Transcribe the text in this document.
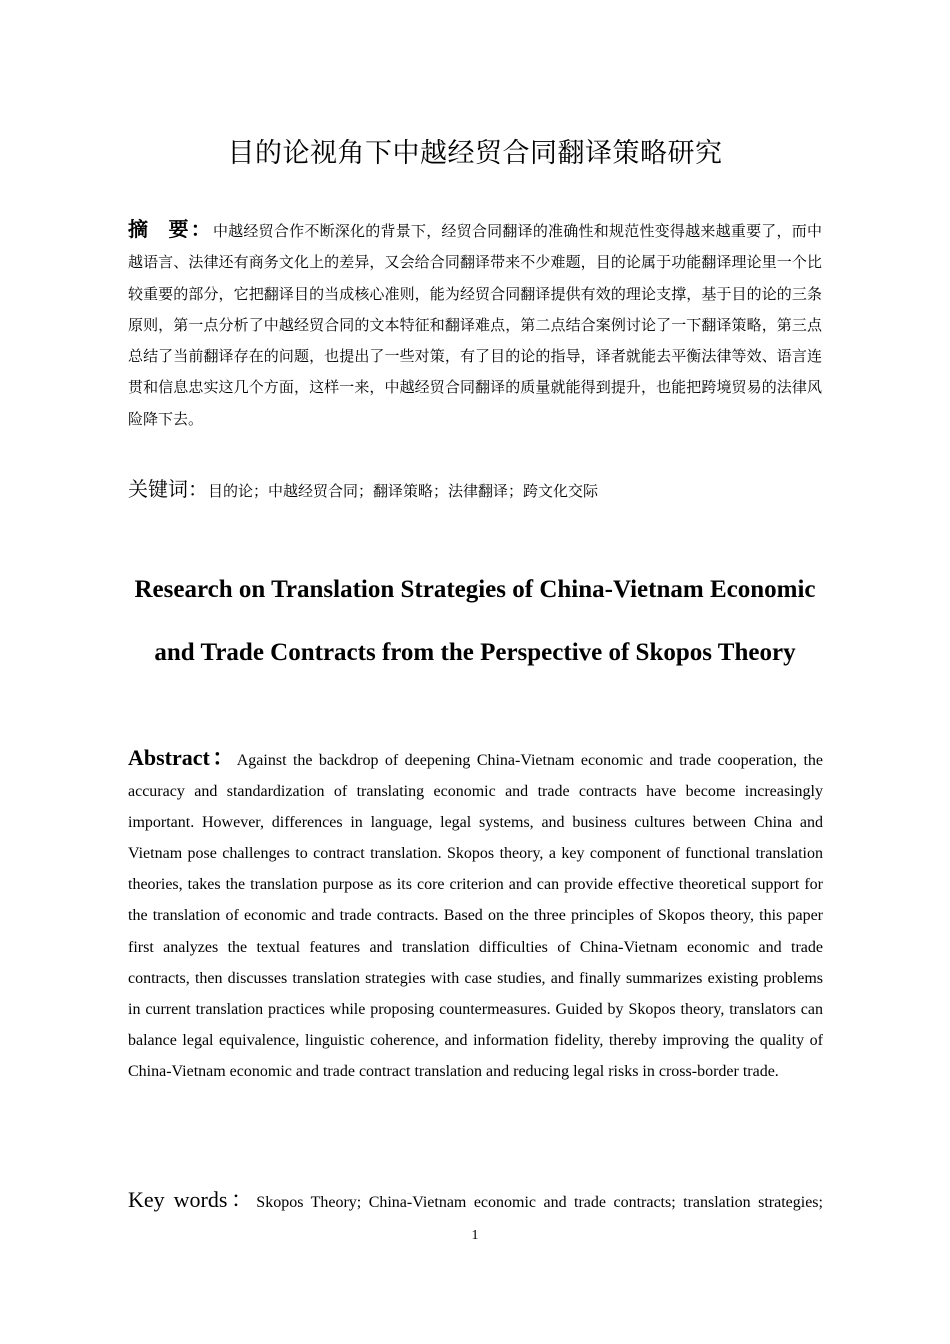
目的论视角下中越经贸合同翻译策略研究
摘 要：中越经贸合作不断深化的背景下，经贸合同翻译的准确性和规范性变得越来越重要了，而中越语言、法律还有商务文化上的差异，又会给合同翻译带来不少难题，目的论属于功能翻译理论里一个比较重要的部分，它把翻译目的当成核心准则，能为经贸合同翻译提供有效的理论支撑，基于目的论的三条原则，第一点分析了中越经贸合同的文本特征和翻译难点，第二点结合案例讨论了一下翻译策略，第三点总结了当前翻译存在的问题，也提出了一些对策，有了目的论的指导，译者就能去平衡法律等效、语言连贯和信息忠实这几个方面，这样一来，中越经贸合同翻译的质量就能得到提升，也能把跨境贸易的法律风险降下去。
关键词：目的论；中越经贸合同；翻译策略；法律翻译；跨文化交际
Research on Translation Strategies of China-Vietnam Economic
and Trade Contracts from the Perspective of Skopos Theory
Abstract：Against the backdrop of deepening China-Vietnam economic and trade cooperation, the accuracy and standardization of translating economic and trade contracts have become increasingly important. However, differences in language, legal systems, and business cultures between China and Vietnam pose challenges to contract translation. Skopos theory, a key component of functional translation theories, takes the translation purpose as its core criterion and can provide effective theoretical support for the translation of economic and trade contracts. Based on the three principles of Skopos theory, this paper first analyzes the textual features and translation difficulties of China-Vietnam economic and trade contracts, then discusses translation strategies with case studies, and finally summarizes existing problems in current translation practices while proposing countermeasures. Guided by Skopos theory, translators can balance legal equivalence, linguistic coherence, and information fidelity, thereby improving the quality of China-Vietnam economic and trade contract translation and reducing legal risks in cross-border trade.
Key words：Skopos Theory; China-Vietnam economic and trade contracts; translation strategies;
1
